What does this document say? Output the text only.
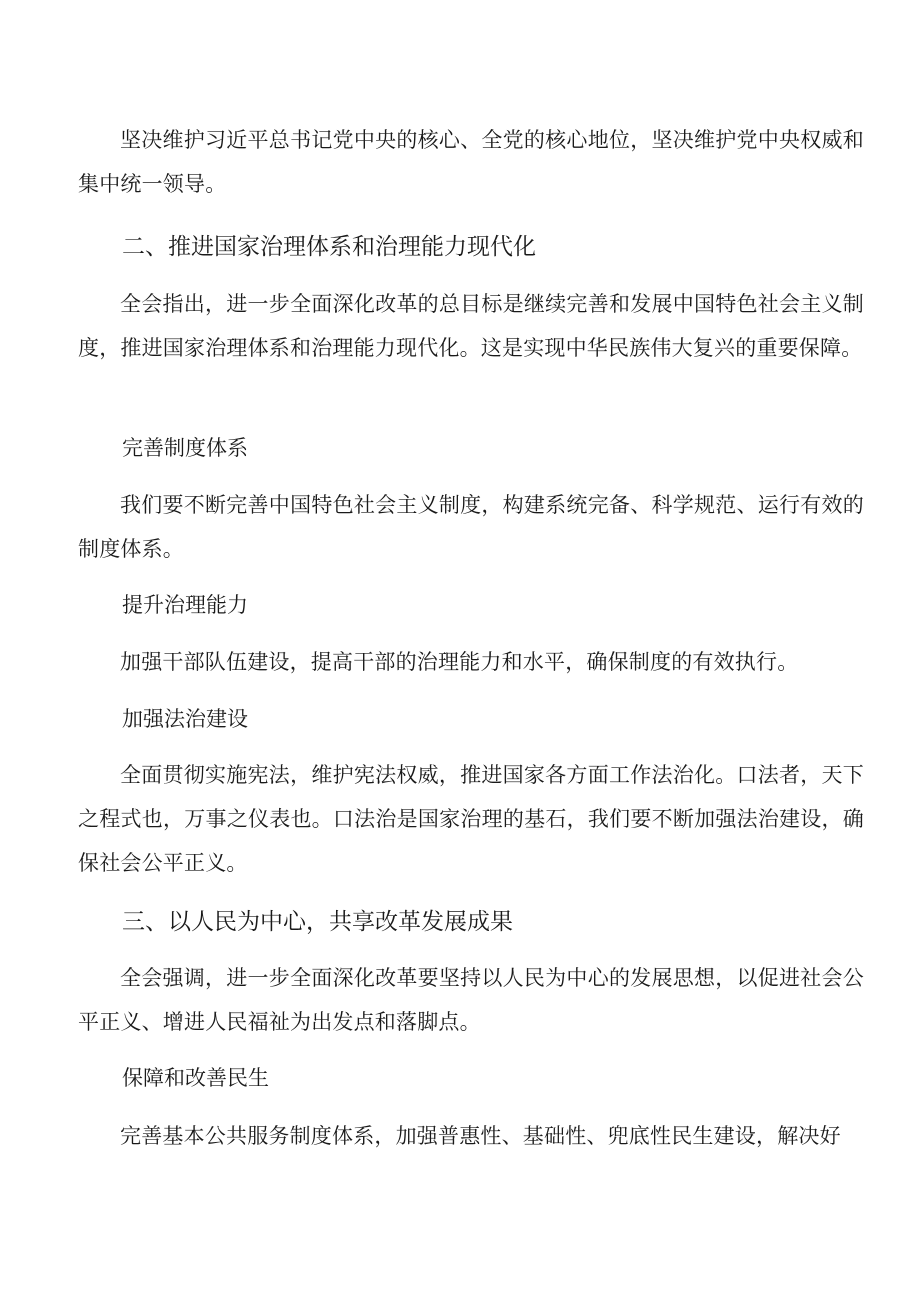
坚决维护习近平总书记党中央的核心、全党的核心地位，坚决维护党中央权威和集中统一领导。

二、推进国家治理体系和治理能力现代化

全会指出，进一步全面深化改革的总目标是继续完善和发展中国特色社会主义制度，推进国家治理体系和治理能力现代化。这是实现中华民族伟大复兴的重要保障。

完善制度体系

我们要不断完善中国特色社会主义制度，构建系统完备、科学规范、运行有效的制度体系。

提升治理能力

加强干部队伍建设，提高干部的治理能力和水平，确保制度的有效执行。

加强法治建设

全面贯彻实施宪法，维护宪法权威，推进国家各方面工作法治化。口法者，天下之程式也，万事之仪表也。口法治是国家治理的基石，我们要不断加强法治建设，确保社会公平正义。

三、以人民为中心，共享改革发展成果

全会强调，进一步全面深化改革要坚持以人民为中心的发展思想，以促进社会公平正义、增进人民福祉为出发点和落脚点。

保障和改善民生

完善基本公共服务制度体系，加强普惠性、基础性、兜底性民生建设，解决好
